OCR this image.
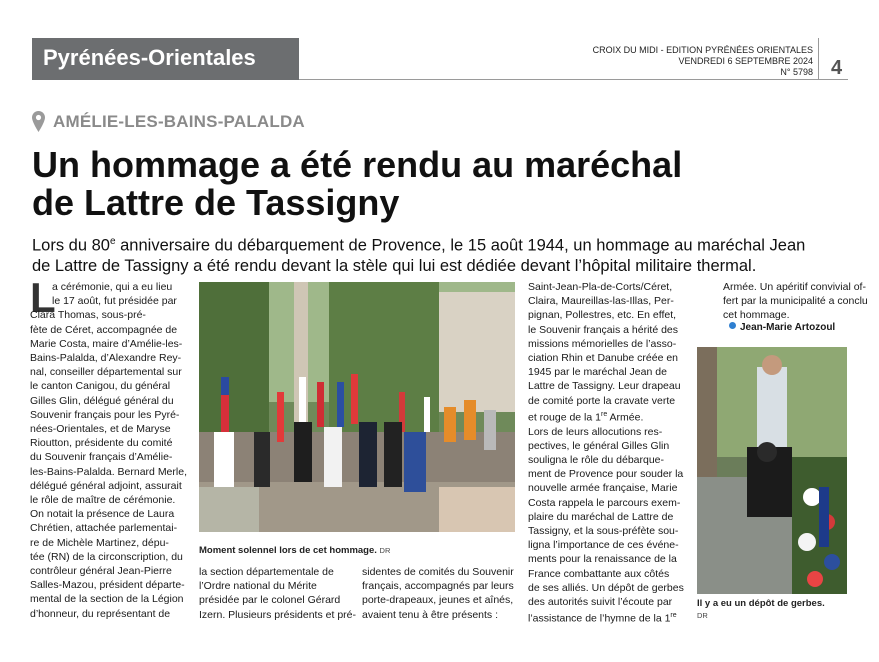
Pyrénées-Orientales	CROIX DU MIDI - EDITION PYRÉNÉES ORIENTALES
VENDREDI 6 SEPTEMBRE 2024
N° 5798 4
AMÉLIE-LES-BAINS-PALALDA
Un hommage a été rendu au maréchal
de Lattre de Tassigny
Lors du 80e anniversaire du débarquement de Provence, le 15 août 1944, un hommage au maréchal Jean
de Lattre de Tassigny a été rendu devant la stèle qui lui est dédiée devant l’hôpital militaire thermal.
L
a cérémonie, qui a eu lieu
le 17 août, fut présidée par
Clara Thomas, sous-pré-
fète de Céret, accompagnée de
Marie Costa, maire d’Amélie-les-
Bains-Palalda, d’Alexandre Rey-
nal, conseiller départemental sur
le canton Canigou, du général
Gilles Glin, délégué général du
Souvenir français pour les Pyré-
nées-Orientales, et de Maryse
Rioutton, présidente du comité
du Souvenir français d’Amélie-
les-Bains-Palalda. Bernard Merle,
délégué général adjoint, assurait
le rôle de maître de cérémonie.
On notait la présence de Laura
Chrétien, attachée parlementai-
re de Michèle Martinez, dépu-
tée (RN) de la circonscription, du
contrôleur général Jean-Pierre
Salles-Mazou, président départe-
mental de la section de la Légion
d’honneur, du représentant de
Moment solennel lors de cet hommage. DR
la section départementale de
l’Ordre national du Mérite
présidée par le colonel Gérard
Izern. Plusieurs présidents et pré-
sidentes de comités du Souvenir
français, accompagnés par leurs
porte-drapeaux, jeunes et aînés,
avaient tenu à être présents :
Saint-Jean-Pla-de-Corts/Céret,
Claira, Maureillas-las-Illas, Per-
pignan, Pollestres, etc. En effet,
le Souvenir français a hérité des
missions mémorielles de l’asso-
ciation Rhin et Danube créée en
1945 par le maréchal Jean de
Lattre de Tassigny. Leur drapeau
de comité porte la cravate verte
et rouge de la 1re Armée.
Lors de leurs allocutions res-
pectives, le général Gilles Glin
souligna le rôle du débarque-
ment de Provence pour souder la
nouvelle armée française, Marie
Costa rappela le parcours exem-
plaire du maréchal de Lattre de
Tassigny, et la sous-préfète sou-
ligna l’importance de ces événe-
ments pour la renaissance de la
France combattante aux côtés
de ses alliés. Un dépôt de gerbes
des autorités suivit l’écoute par
l’assistance de l’hymne de la 1re
Armée. Un apéritif convivial of-
fert par la municipalité a conclu
cet hommage.
Jean-Marie Artozoul
Il y a eu un dépôt de gerbes.
DR
